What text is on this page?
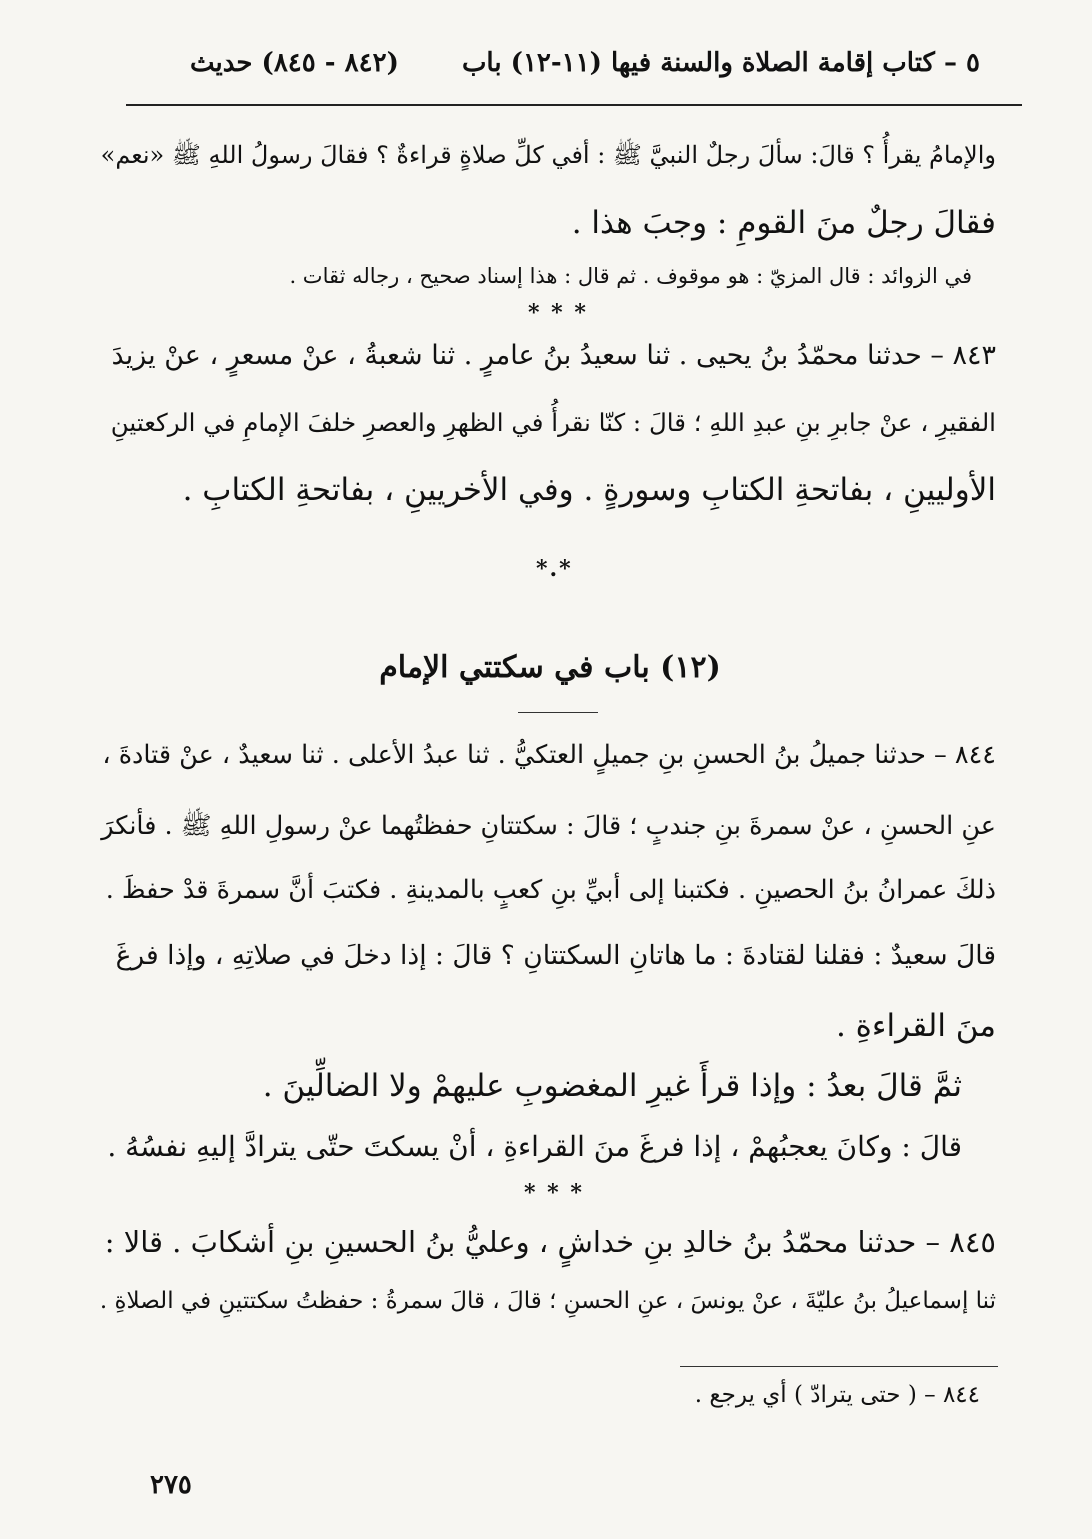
٥ – كتاب إقامة الصلاة والسنة فيها (١١-١٢) باب
(٨٤٢ - ٨٤٥) حديث
والإمامُ يقرأُ ؟ قالَ: سألَ رجلٌ النبيَّ ﷺ : أفي كلِّ صلاةٍ قراءةٌ ؟ فقالَ رسولُ اللهِ ﷺ «نعم»
فقالَ رجلٌ منَ القومِ : وجبَ هذا .
في الزوائد : قال المزيّ : هو موقوف . ثم قال : هذا إسناد صحيح ، رجاله ثقات .
* * *
٨٤٣ – حدثنا محمّدُ بنُ يحيى . ثنا سعيدُ بنُ عامرٍ . ثنا شعبةُ ، عنْ مسعرٍ ، عنْ يزيدَ
الفقيرِ ، عنْ جابرِ بنِ عبدِ اللهِ ؛ قالَ : كنّا نقرأُ في الظهرِ والعصرِ خلفَ الإمامِ في الركعتينِ
الأوليينِ ، بفاتحةِ الكتابِ وسورةٍ . وفي الأخريينِ ، بفاتحةِ الكتابِ .
*.*
(١٢) باب في سكتتي الإمام
٨٤٤ – حدثنا جميلُ بنُ الحسنِ بنِ جميلٍ العتكيُّ . ثنا عبدُ الأعلى . ثنا سعيدٌ ، عنْ قتادةَ ،
عنِ الحسنِ ، عنْ سمرةَ بنِ جندبٍ ؛ قالَ : سكتتانِ حفظتُهما عنْ رسولِ اللهِ ﷺ . فأنكرَ
ذلكَ عمرانُ بنُ الحصينِ . فكتبنا إلى أبيِّ بنِ كعبٍ بالمدينةِ . فكتبَ أنَّ سمرةَ قدْ حفظَ .
قالَ سعيدٌ : فقلنا لقتادةَ : ما هاتانِ السكتتانِ ؟ قالَ : إذا دخلَ في صلاتِهِ ، وإذا فرغَ
منَ القراءةِ .
ثمَّ قالَ بعدُ : وإذا قرأَ غيرِ المغضوبِ عليهمْ ولا الضالِّينَ .
قالَ : وكانَ يعجبُهمْ ، إذا فرغَ منَ القراءةِ ، أنْ يسكتَ حتّى يترادَّ إليهِ نفسُهُ .
* * *
٨٤٥ – حدثنا محمّدُ بنُ خالدِ بنِ خداشٍ ، وعليُّ بنُ الحسينِ بنِ أشكابَ . قالا :
ثنا إسماعيلُ بنُ عليّةَ ، عنْ يونسَ ، عنِ الحسنِ ؛ قالَ ، قالَ سمرةُ : حفظتُ سكتتينِ في الصلاةِ .
٨٤٤ – ( حتى يترادّ ) أي يرجع .
٢٧٥
